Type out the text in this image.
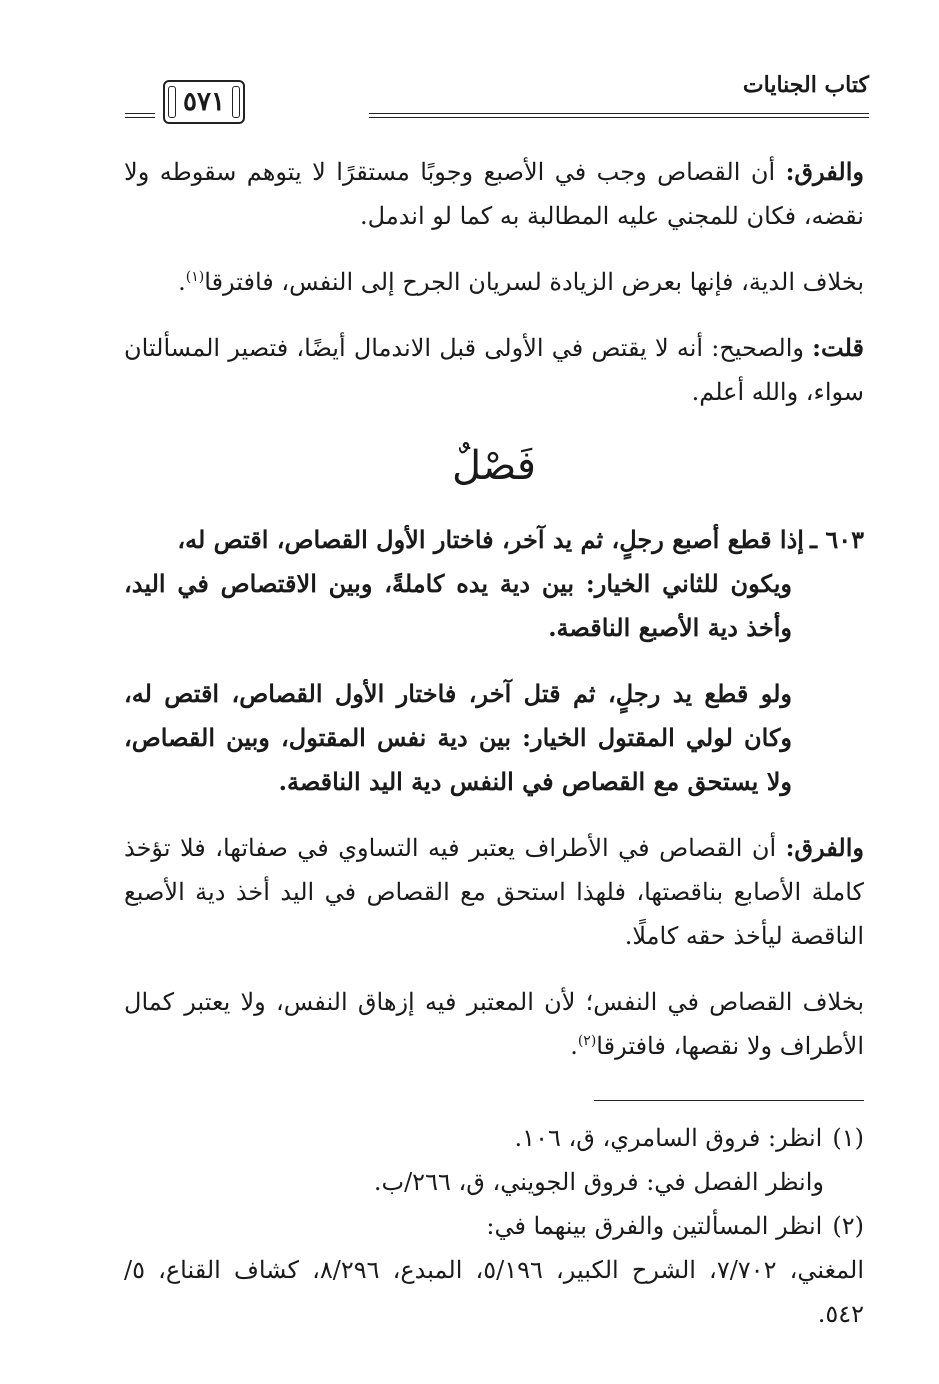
كتاب الجنايات
٥٧١

والفرق: أن القصاص وجب في الأصبع وجوبًا مستقرًا لا يتوهم سقوطه ولا نقضه، فكان للمجني عليه المطالبة به كما لو اندمل.

بخلاف الدية، فإنها بعرض الزيادة لسريان الجرح إلى النفس، فافترقا$^{(١)}$.

قلت: والصحيح: أنه لا يقتص في الأولى قبل الاندمال أيضًا، فتصير المسألتان سواء، والله أعلم.

فَصْلٌ
٦٠٣ ـ
إذا قطع أصبع رجلٍ، ثم يد آخر، فاختار الأول القصاص، اقتص له،

ويكون للثاني الخيار: بين دية يده كاملةً، وبين الاقتصاص في اليد، وأخذ دية الأصبع الناقصة.

ولو قطع يد رجلٍ، ثم قتل آخر، فاختار الأول القصاص، اقتص له، وكان لولي المقتول الخيار: بين دية نفس المقتول، وبين القصاص، ولا يستحق مع القصاص في النفس دية اليد الناقصة.

والفرق: أن القصاص في الأطراف يعتبر فيه التساوي في صفاتها، فلا تؤخذ كاملة الأصابع بناقصتها، فلهذا استحق مع القصاص في اليد أخذ دية الأصبع الناقصة ليأخذ حقه كاملًا.

بخلاف القصاص في النفس؛ لأن المعتبر فيه إزهاق النفس، ولا يعتبر كمال الأطراف ولا نقصها، فافترقا$^{(٢)}$.

(١)انظر: فروق السامري، ق، ١٠٦.

وانظر الفصل في: فروق الجويني، ق، ٢٦٦/ب.

(٢)انظر المسألتين والفرق بينهما في:

المغني، ٧/٧٠٢، الشرح الكبير، ٥/١٩٦، المبدع، ٨/٢٩٦، كشاف القناع، ٥/ ٥٤٢.
